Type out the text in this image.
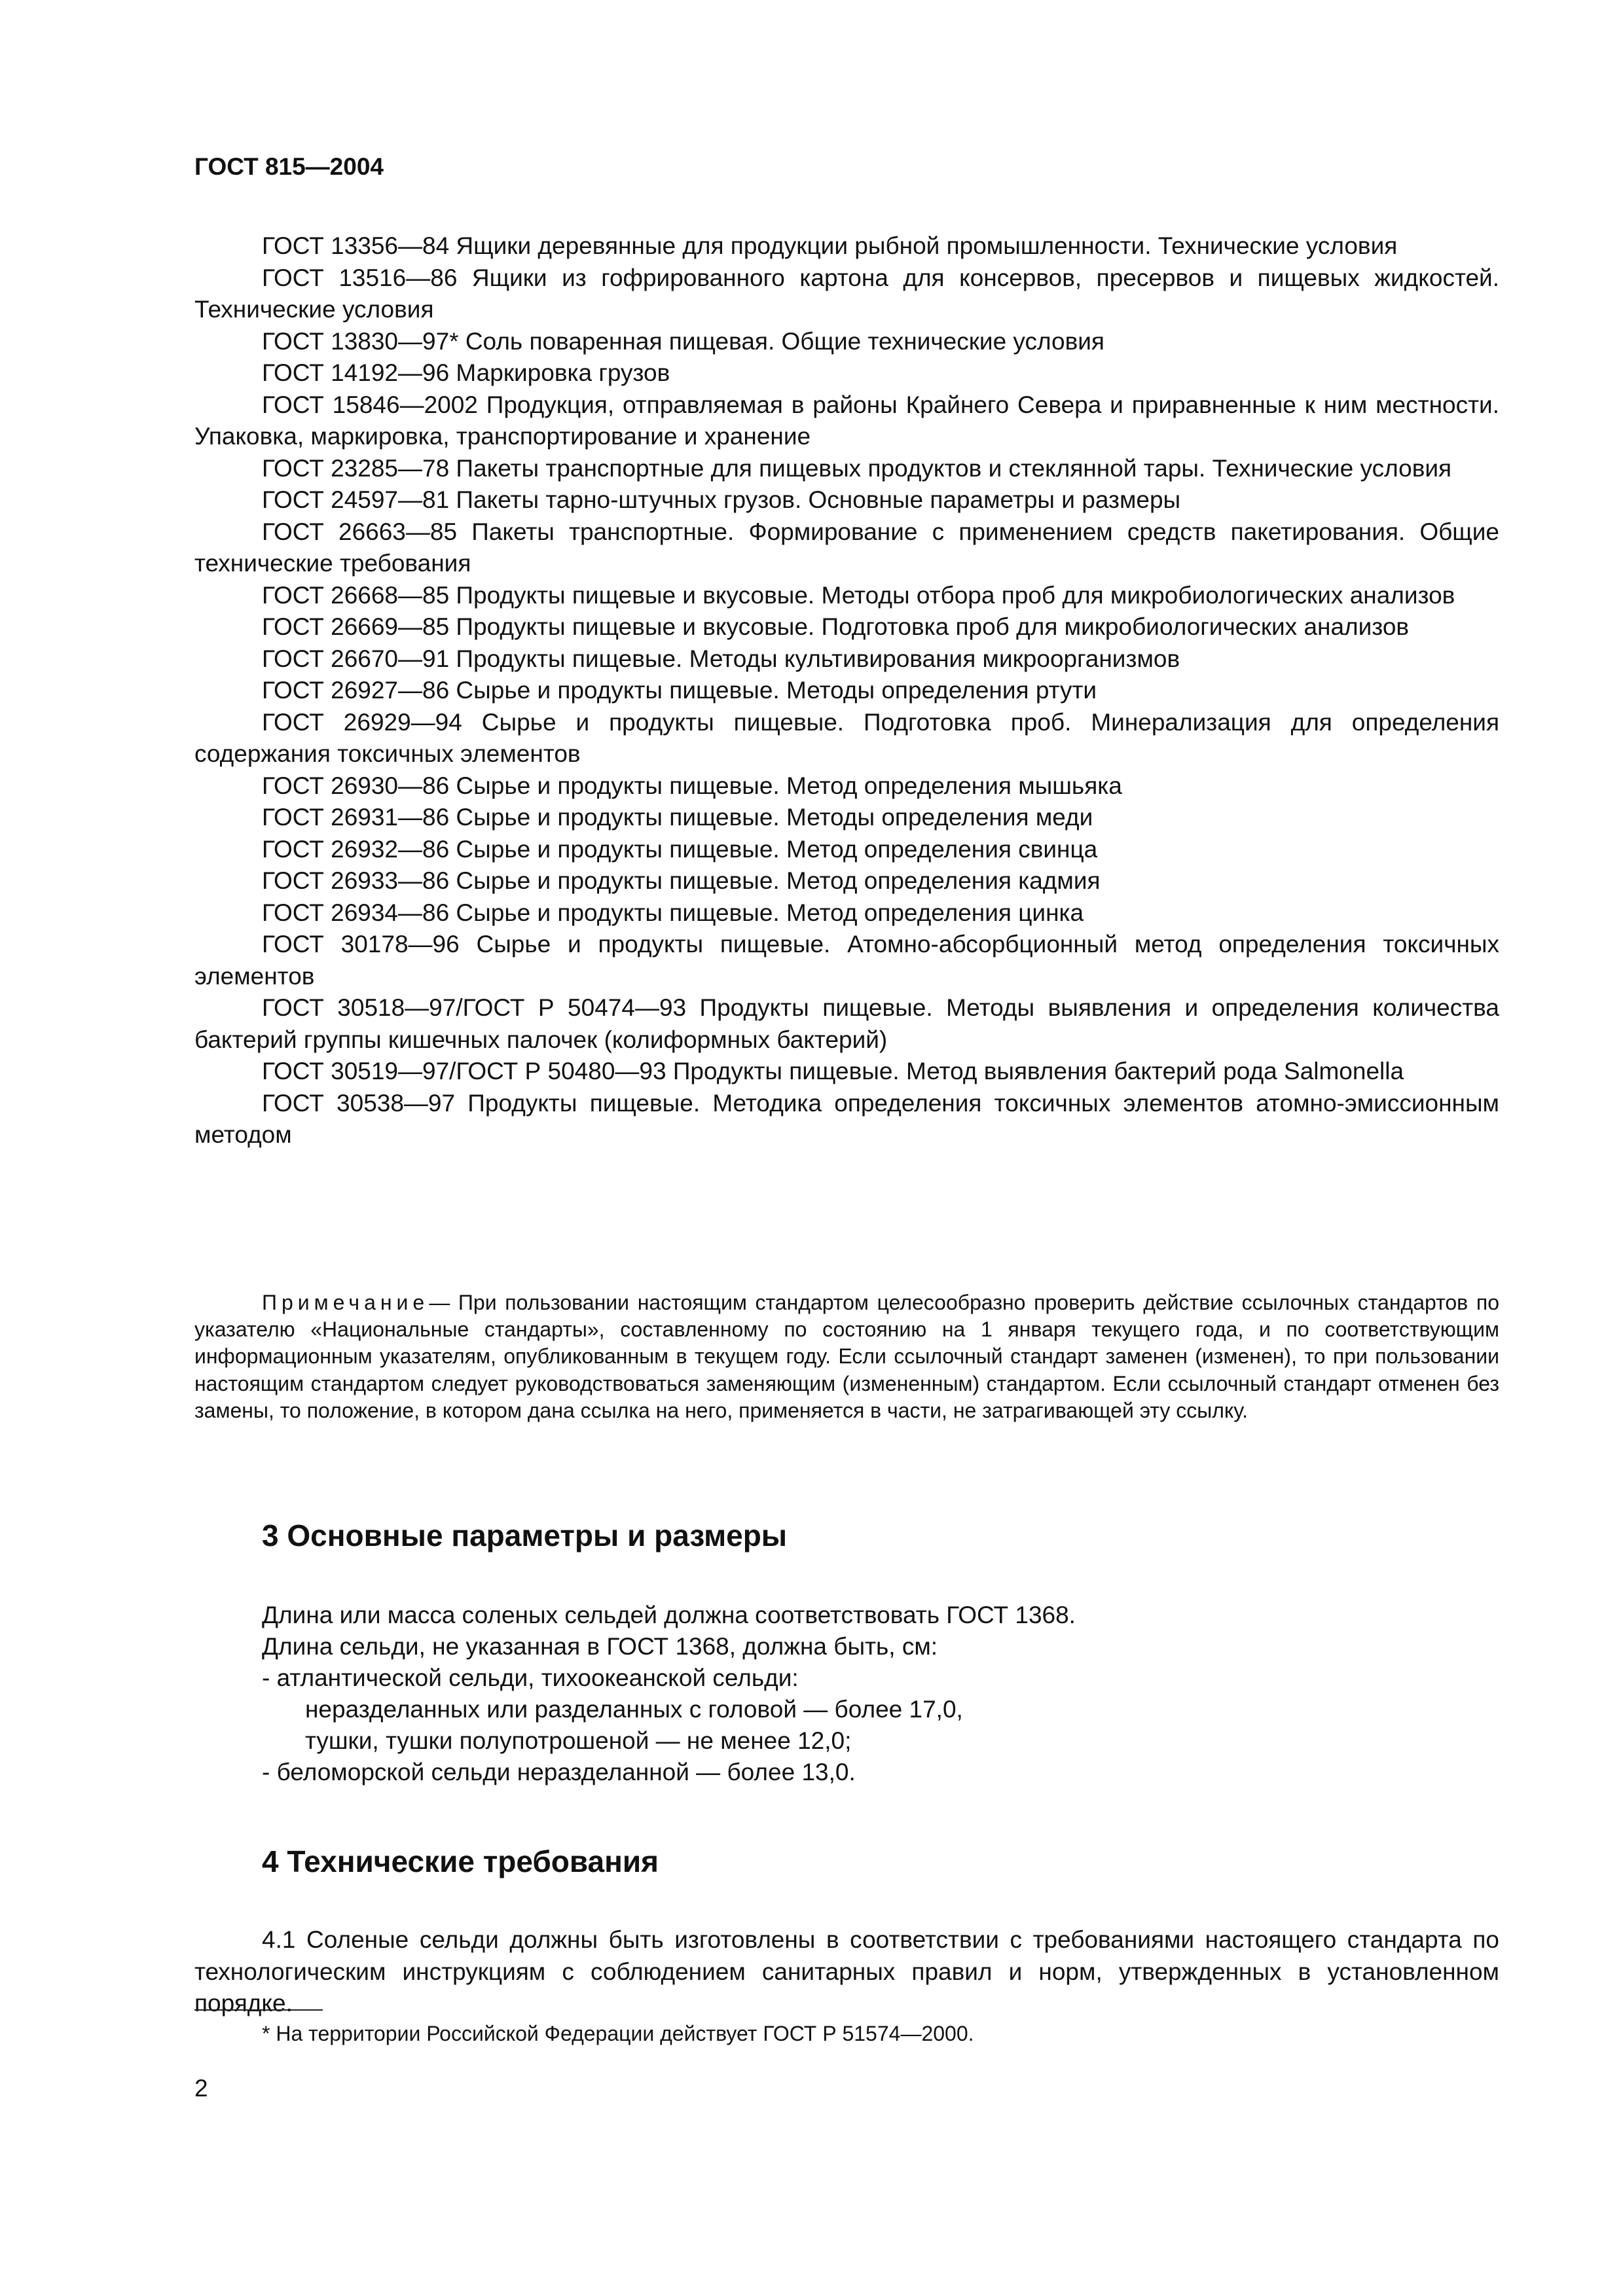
ГОСТ 815—2004

ГОСТ 13356—84 Ящики деревянные для продукции рыбной промышленности. Технические условия

ГОСТ 13516—86 Ящики из гофрированного картона для консервов, пресервов и пищевых жидкостей. Технические условия

ГОСТ 13830—97* Соль поваренная пищевая. Общие технические условия

ГОСТ 14192—96 Маркировка грузов

ГОСТ 15846—2002 Продукция, отправляемая в районы Крайнего Севера и приравненные к ним местности. Упаковка, маркировка, транспортирование и хранение

ГОСТ 23285—78 Пакеты транспортные для пищевых продуктов и стеклянной тары. Технические условия

ГОСТ 24597—81 Пакеты тарно-штучных грузов. Основные параметры и размеры

ГОСТ 26663—85 Пакеты транспортные. Формирование с применением средств пакетирования. Общие технические требования

ГОСТ 26668—85 Продукты пищевые и вкусовые. Методы отбора проб для микробиологических анализов

ГОСТ 26669—85 Продукты пищевые и вкусовые. Подготовка проб для микробиологических анализов

ГОСТ 26670—91 Продукты пищевые. Методы культивирования микроорганизмов

ГОСТ 26927—86 Сырье и продукты пищевые. Методы определения ртути

ГОСТ 26929—94 Сырье и продукты пищевые. Подготовка проб. Минерализация для определения содержания токсичных элементов

ГОСТ 26930—86 Сырье и продукты пищевые. Метод определения мышьяка

ГОСТ 26931—86 Сырье и продукты пищевые. Методы определения меди

ГОСТ 26932—86 Сырье и продукты пищевые. Метод определения свинца

ГОСТ 26933—86 Сырье и продукты пищевые. Метод определения кадмия

ГОСТ 26934—86 Сырье и продукты пищевые. Метод определения цинка

ГОСТ 30178—96 Сырье и продукты пищевые. Атомно-абсорбционный метод определения токсичных элементов

ГОСТ 30518—97/ГОСТ Р 50474—93 Продукты пищевые. Методы выявления и определения количества бактерий группы кишечных палочек (колиформных бактерий)

ГОСТ 30519—97/ГОСТ Р 50480—93 Продукты пищевые. Метод выявления бактерий рода Salmonella

ГОСТ 30538—97 Продукты пищевые. Методика определения токсичных элементов атомно-эмиссионным методом

Примечание— При пользовании настоящим стандартом целесообразно проверить действие ссылочных стандартов по указателю «Национальные стандарты», составленному по состоянию на 1 января текущего года, и по соответствующим информационным указателям, опубликованным в текущем году. Если ссылочный стандарт заменен (изменен), то при пользовании настоящим стандартом следует руководствоваться заменяющим (измененным) стандартом. Если ссылочный стандарт отменен без замены, то положение, в котором дана ссылка на него, применяется в части, не затрагивающей эту ссылку.

3 Основные параметры и размеры

Длина или масса соленых сельдей должна соответствовать ГОСТ 1368.

Длина сельди, не указанная в ГОСТ 1368, должна быть, см:

- атлантической сельди, тихоокеанской сельди:

неразделанных или разделанных с головой — более 17,0,

тушки, тушки полупотрошеной — не менее 12,0;

- беломорской сельди неразделанной — более 13,0.

4 Технические требования

4.1 Соленые сельди должны быть изготовлены в соответствии с требованиями настоящего стандарта по технологическим инструкциям с соблюдением санитарных правил и норм, утвержденных в установленном порядке.

* На территории Российской Федерации действует ГОСТ Р 51574—2000.

2
